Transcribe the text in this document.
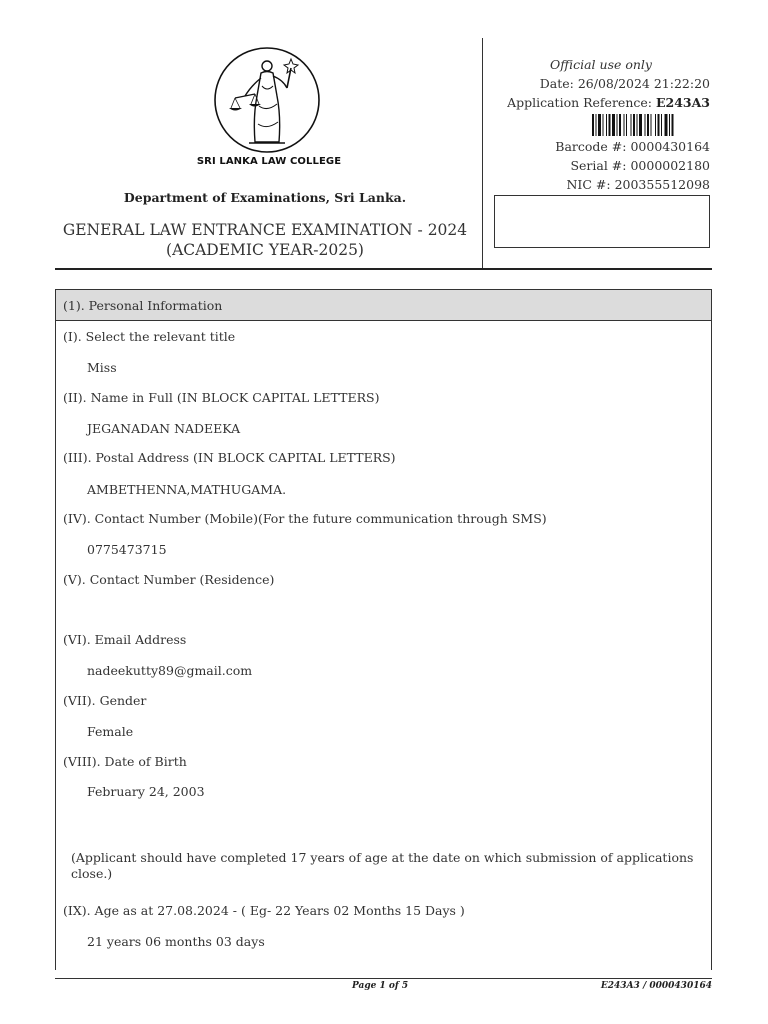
SRI LANKA LAW COLLEGE
Department of Examinations, Sri Lanka.
GENERAL LAW ENTRANCE EXAMINATION - 2024
(ACADEMIC YEAR-2025)
Official use only
Date: 26/08/2024 21:22:20
Application Reference: E243A3
Barcode #: 0000430164
Serial #: 0000002180
NIC #: 200355512098
(1). Personal Information
(I). Select the relevant title
Miss
(II). Name in Full (IN BLOCK CAPITAL LETTERS)
JEGANADAN NADEEKA
(III). Postal Address (IN BLOCK CAPITAL LETTERS)
AMBETHENNA,MATHUGAMA.
(IV). Contact Number (Mobile)(For the future communication through SMS)
0775473715
(V). Contact Number (Residence)
(VI). Email Address
nadeekutty89@gmail.com
(VII). Gender
Female
(VIII). Date of Birth
February 24, 2003
(Applicant should have completed 17 years of age at the date on which submission of applications close.)
(IX). Age as at 27.08.2024 - ( Eg- 22 Years 02 Months 15 Days )
21 years 06 months 03 days
Page 1 of 5	E243A3 / 0000430164
